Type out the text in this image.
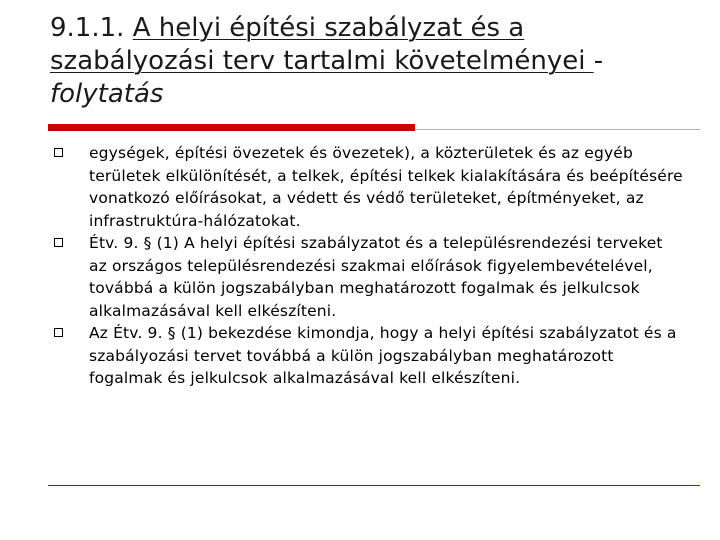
9.1.1. A helyi építési szabályzat és a szabályozási terv tartalmi követelményei - folytatás
egységek, építési övezetek és övezetek), a közterületek és az egyéb területek elkülönítését, a telkek, építési telkek kialakítására és beépítésére vonatkozó előírásokat, a védett és védő területeket, építményeket, az infrastruktúra-hálózatokat.
Étv. 9. § (1) A helyi építési szabályzatot és a településrendezési terveket az országos településrendezési szakmai előírások figyelembevételével, továbbá a külön jogszabályban meghatározott fogalmak és jelkulcsok alkalmazásával kell elkészíteni.
Az Étv. 9. § (1) bekezdése kimondja, hogy a helyi építési szabályzatot és a szabályozási tervet továbbá a külön jogszabályban meghatározott fogalmak és jelkulcsok alkalmazásával kell elkészíteni.
